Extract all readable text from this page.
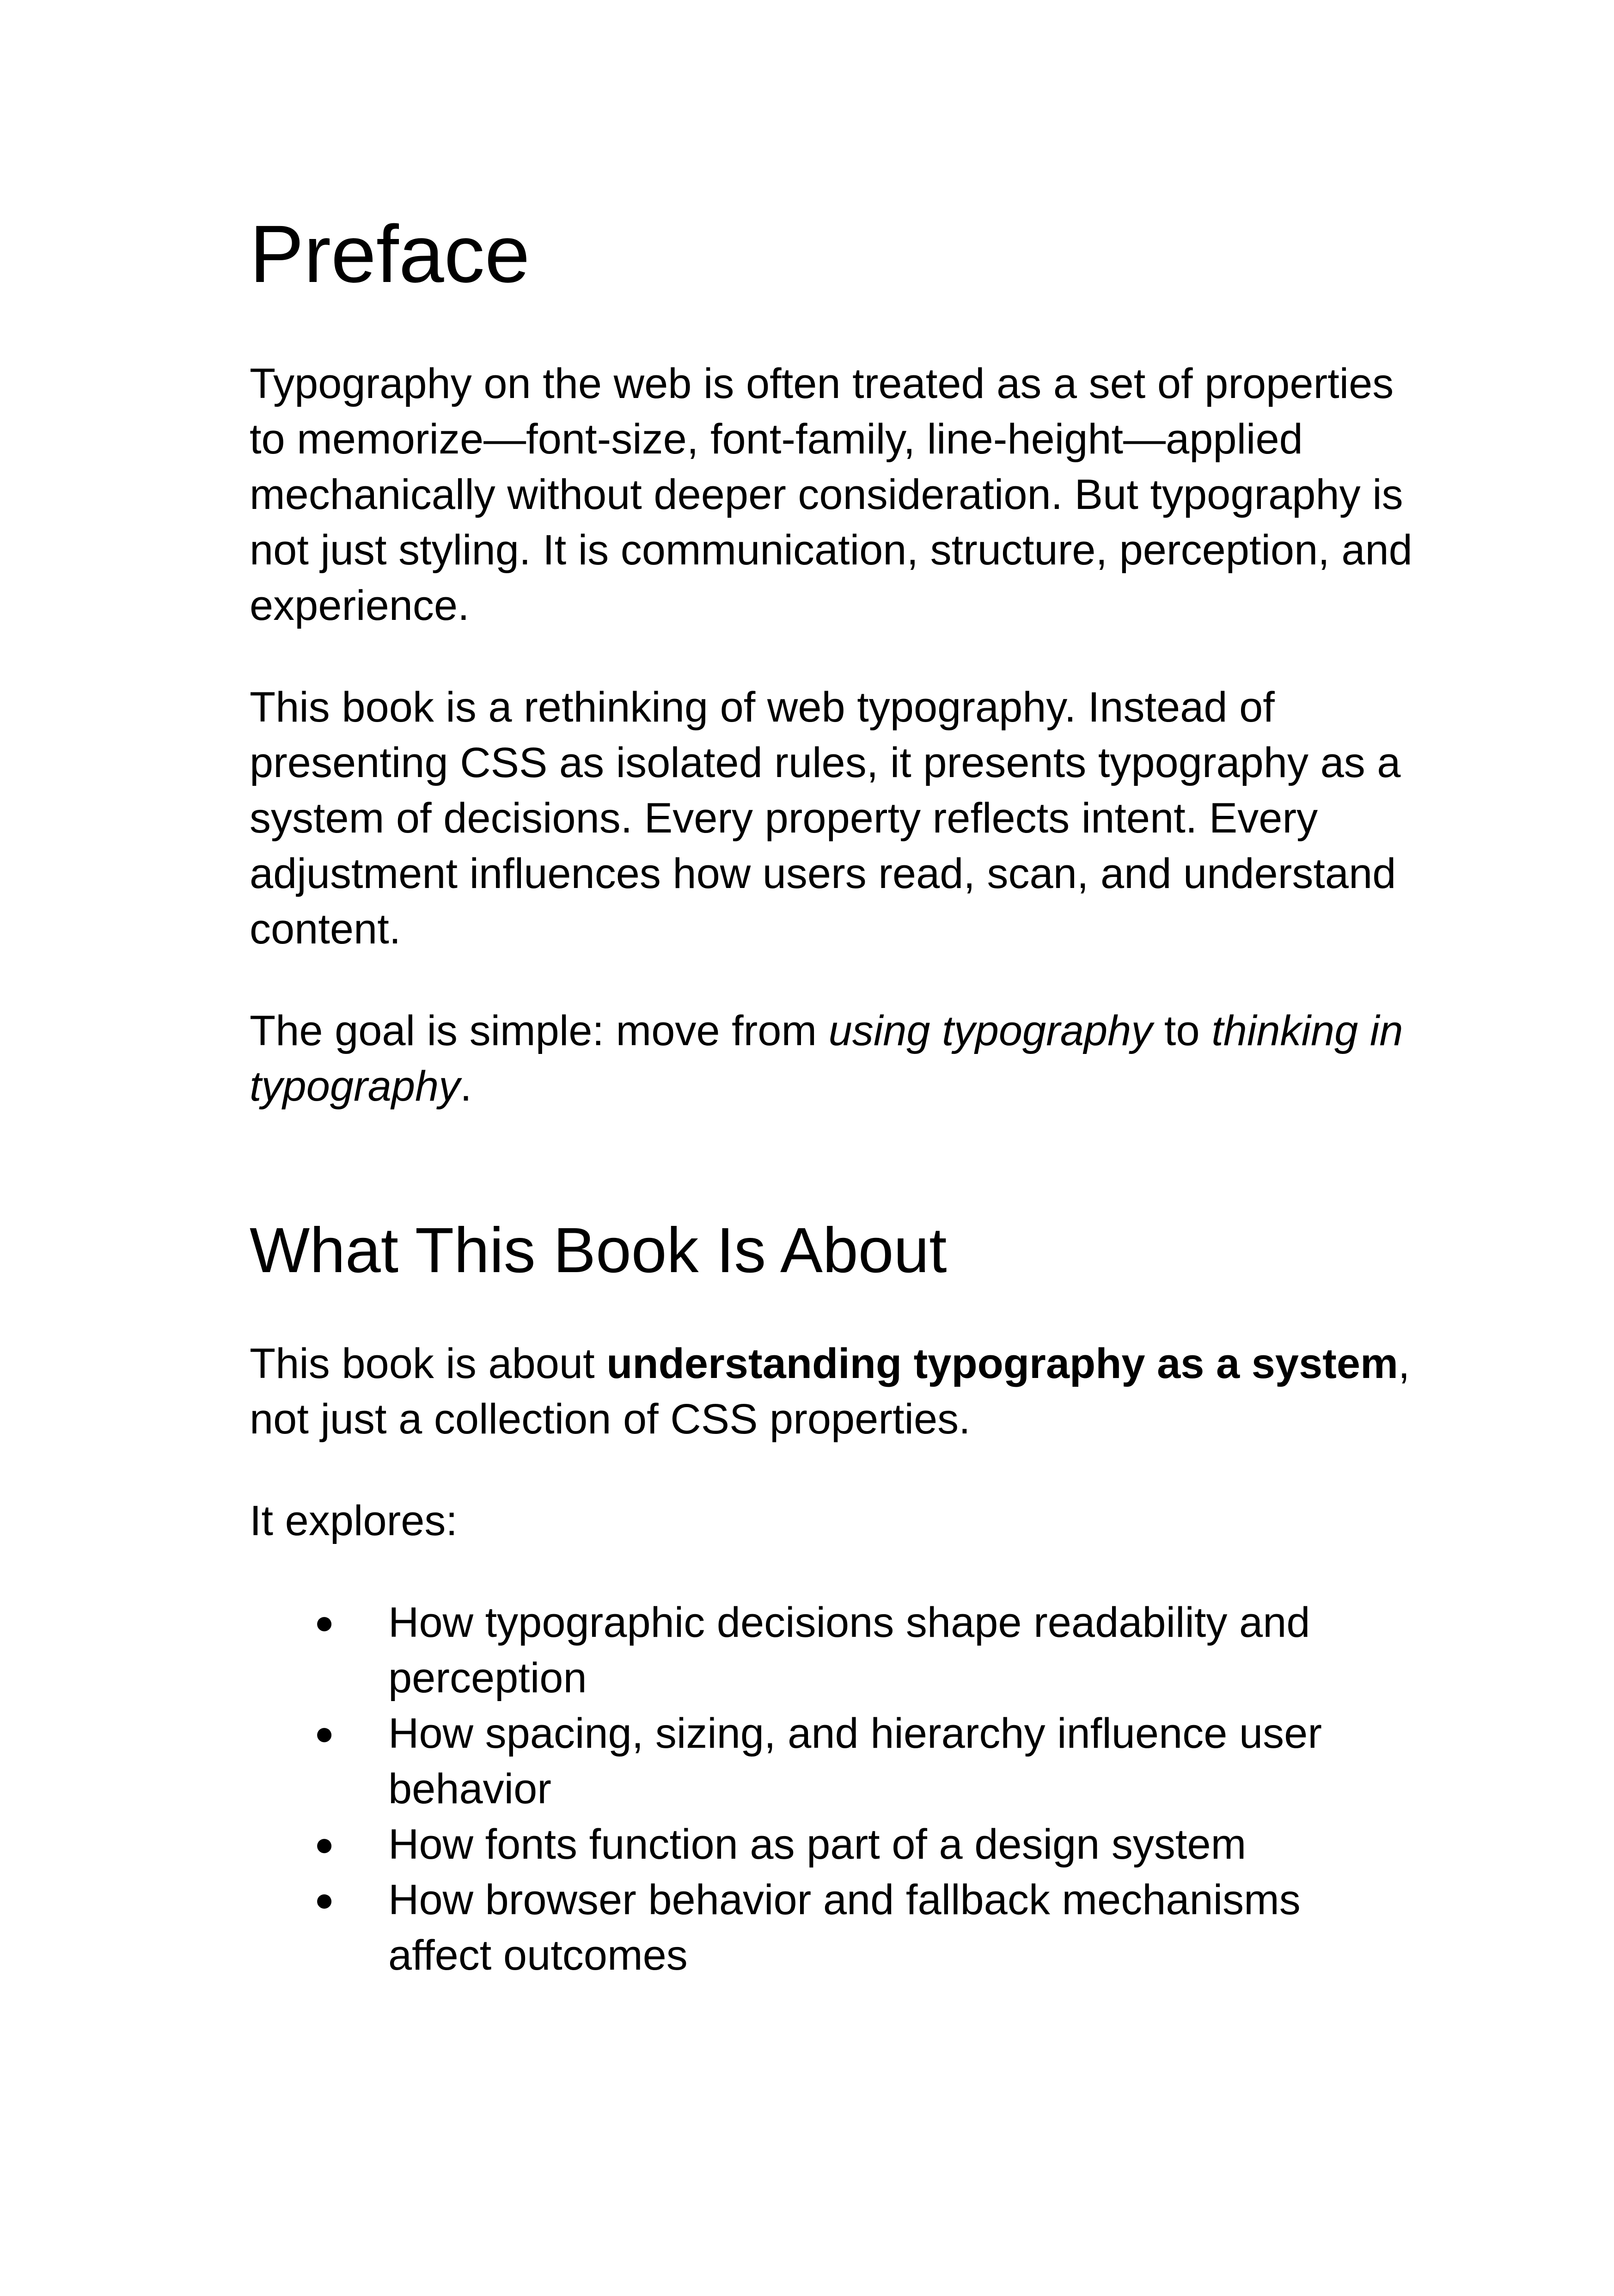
Preface
Typography on the web is often treated as a set of properties
to memorize—font-size, font-family, line-height—applied
mechanically without deeper consideration. But typography is
not just styling. It is communication, structure, perception, and
experience.
This book is a rethinking of web typography. Instead of
presenting CSS as isolated rules, it presents typography as a
system of decisions. Every property reflects intent. Every
adjustment influences how users read, scan, and understand
content.
The goal is simple: move from using typography to thinking in
typography.
What This Book Is About
This book is about understanding typography as a system,
not just a collection of CSS properties.
It explores:
● How typographic decisions shape readability and
perception
● How spacing, sizing, and hierarchy influence user
behavior
● How fonts function as part of a design system
● How browser behavior and fallback mechanisms
affect outcomes
